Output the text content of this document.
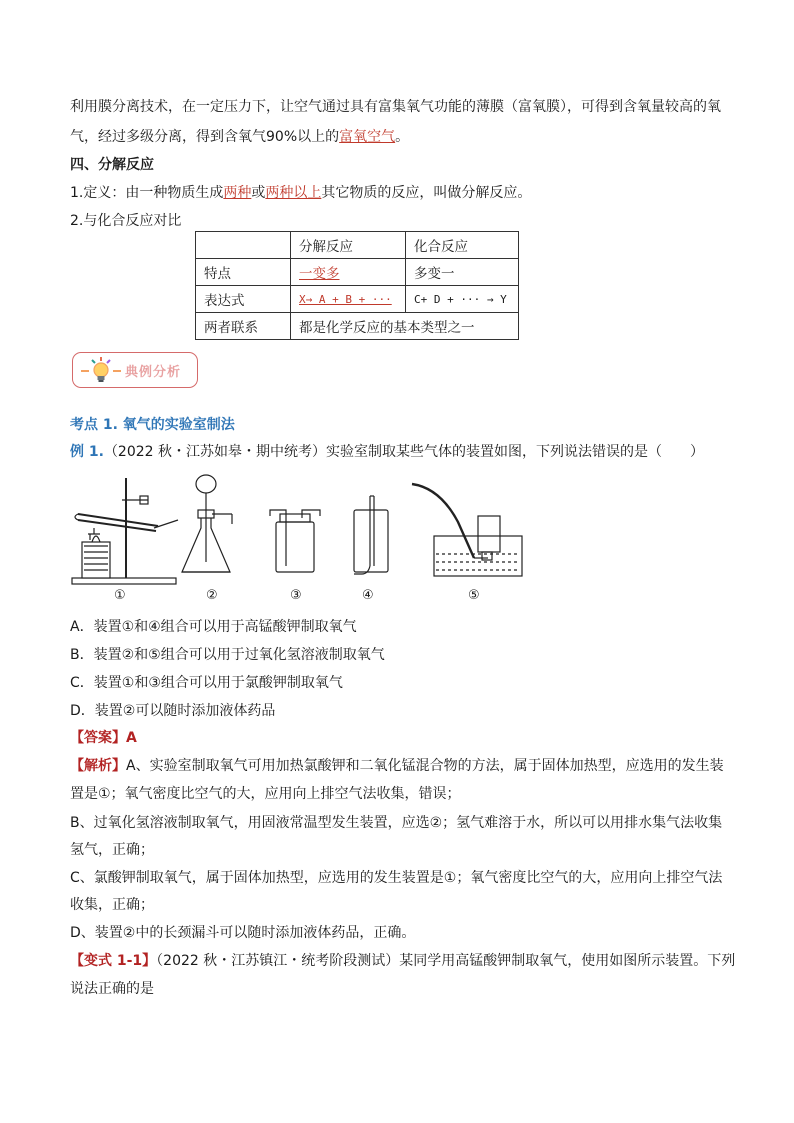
利用膜分离技术，在一定压力下，让空气通过具有富集氧气功能的薄膜（富氧膜），可得到含氧量较高的氧
气，经过多级分离，得到含氧气90%以上的富氧空气。
四、分解反应
1.定义：由一种物质生成两种或两种以上其它物质的反应，叫做分解反应。
2.与化合反应对比
	分解反应	化合反应
特点	一变多	多变一
表达式	X→ A + B + ···	C+ D + ··· → Y
两者联系	都是化学反应的基本类型之一	
典例分析
考点 1. 氧气的实验室制法
例 1.（2022 秋・江苏如皋・期中统考）实验室制取某些气体的装置如图，下列说法错误的是（　　）
①	②	③	④	⑤
A．装置①和④组合可以用于高锰酸钾制取氧气
B．装置②和⑤组合可以用于过氧化氢溶液制取氧气
C．装置①和③组合可以用于氯酸钾制取氧气
D．装置②可以随时添加液体药品
【答案】A
【解析】A、实验室制取氧气可用加热氯酸钾和二氧化锰混合物的方法，属于固体加热型，应选用的发生装
置是①；氧气密度比空气的大，应用向上排空气法收集，错误；
B、过氧化氢溶液制取氧气，用固液常温型发生装置，应选②；氢气难溶于水，所以可以用排水集气法收集
氢气，正确；
C、氯酸钾制取氧气，属于固体加热型，应选用的发生装置是①；氧气密度比空气的大，应用向上排空气法
收集，正确；
D、装置②中的长颈漏斗可以随时添加液体药品，正确。
【变式 1-1】（2022 秋・江苏镇江・统考阶段测试）某同学用高锰酸钾制取氧气，使用如图所示装置。下列
说法正确的是
